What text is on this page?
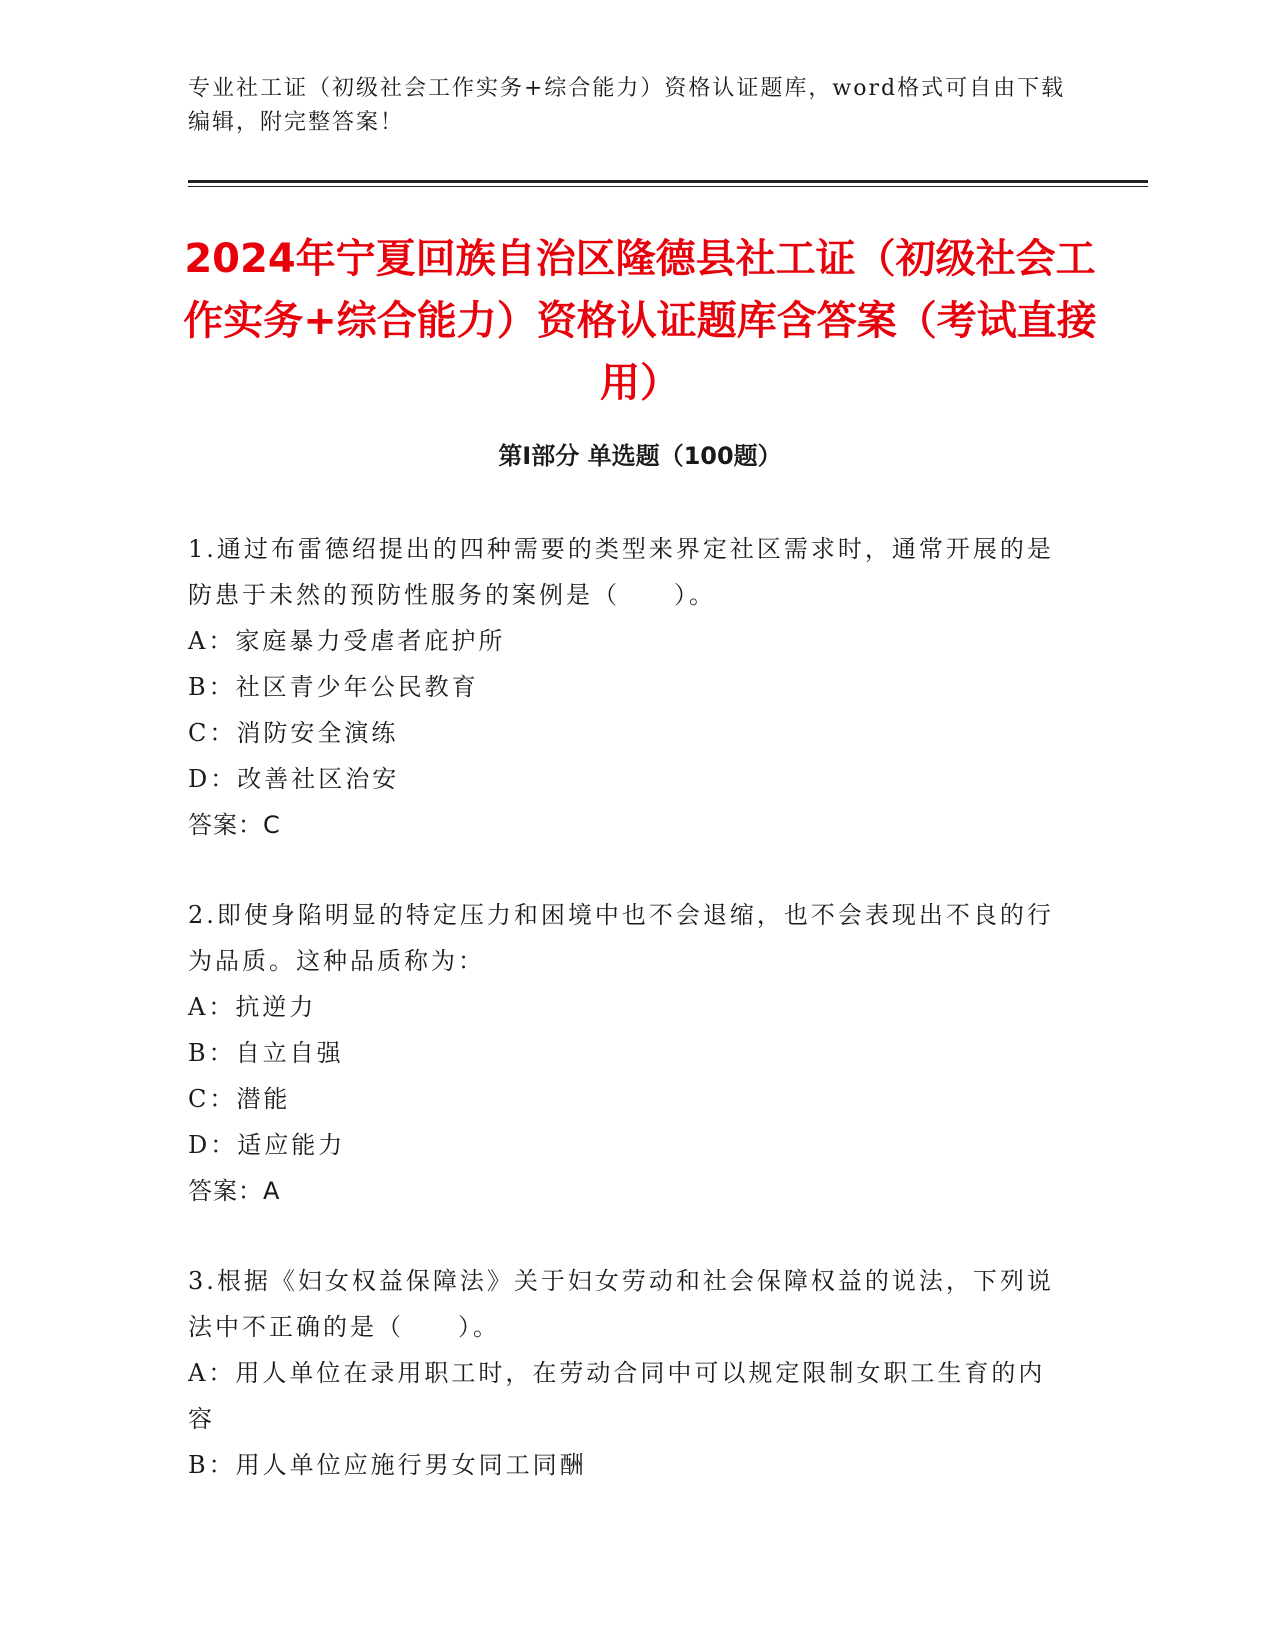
专业社工证（初级社会工作实务+综合能力）资格认证题库，word格式可自由下载编辑，附完整答案！
2024年宁夏回族自治区隆德县社工证（初级社会工作实务+综合能力）资格认证题库含答案（考试直接用）
第Ⅰ部分 单选题（100题）
1.通过布雷德绍提出的四种需要的类型来界定社区需求时，通常开展的是防患于未然的预防性服务的案例是（　　）。
A：家庭暴力受虐者庇护所
B：社区青少年公民教育
C：消防安全演练
D：改善社区治安
答案：C
2.即使身陷明显的特定压力和困境中也不会退缩，也不会表现出不良的行为品质。这种品质称为：
A：抗逆力
B：自立自强
C：潜能
D：适应能力
答案：A
3.根据《妇女权益保障法》关于妇女劳动和社会保障权益的说法，下列说法中不正确的是（　　）。
A：用人单位在录用职工时，在劳动合同中可以规定限制女职工生育的内容
B：用人单位应施行男女同工同酬
